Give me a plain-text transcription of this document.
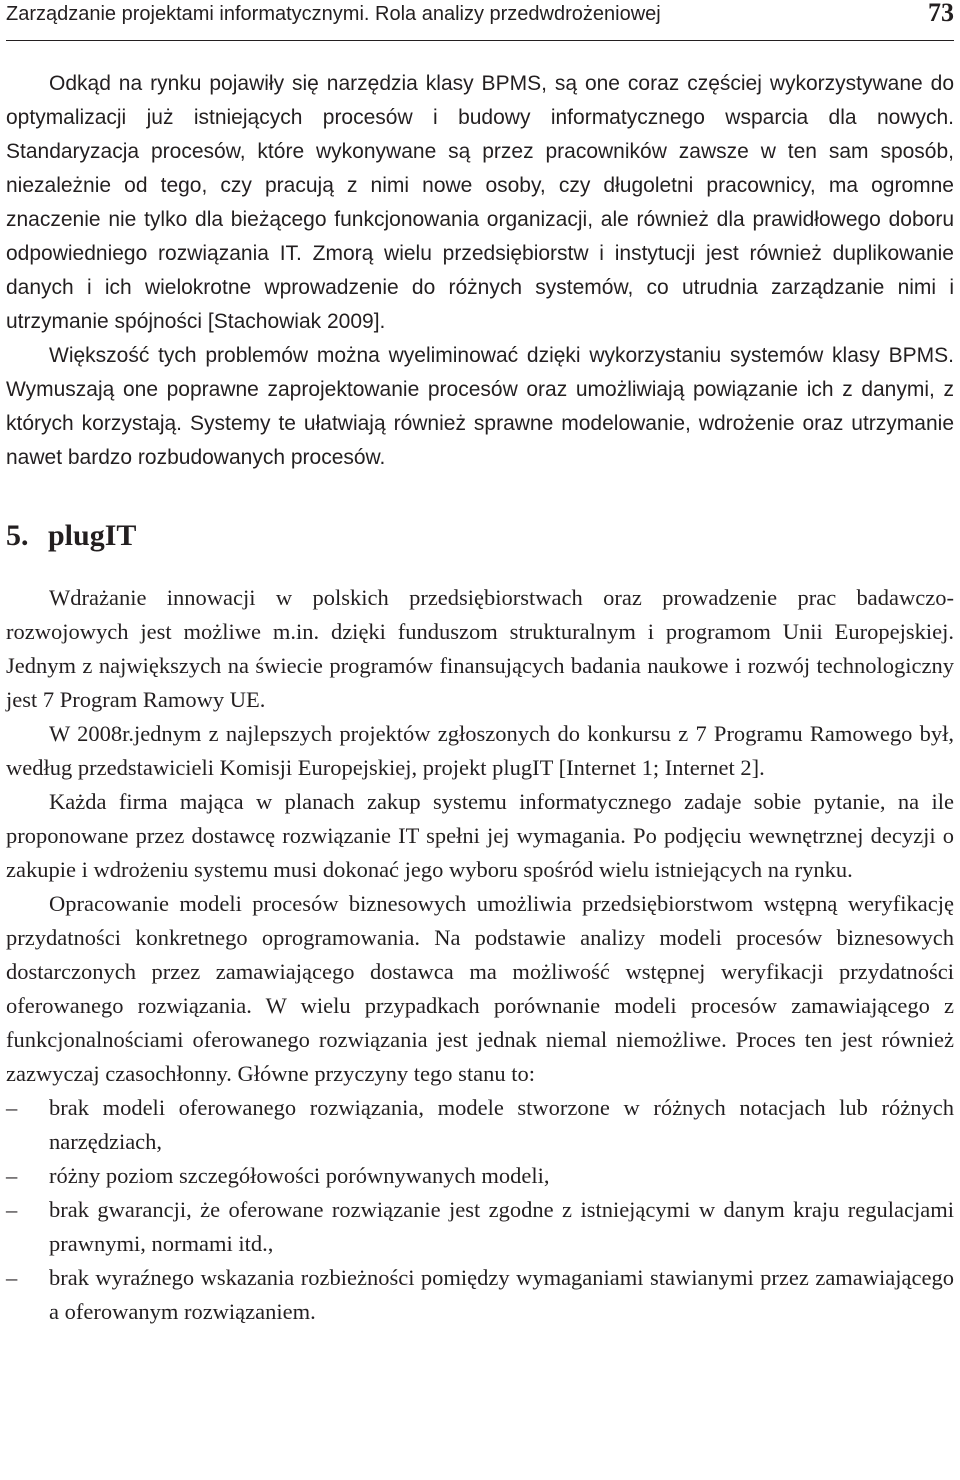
Zarządzanie projektami informatycznymi. Rola analizy przedwdrożeniowej	73

Odkąd na rynku pojawiły się narzędzia klasy BPMS, są one coraz częściej wykorzystywane do optymalizacji już istniejących procesów i budowy informatycznego wsparcia dla nowych. Standaryzacja procesów, które wykonywane są przez pracowników zawsze w ten sam sposób, niezależnie od tego, czy pracują z nimi nowe osoby, czy długoletni pracownicy, ma ogromne znaczenie nie tylko dla bieżącego funkcjonowania organizacji, ale również dla prawidłowego doboru odpowiedniego rozwiązania IT. Zmorą wielu przedsiębiorstw i instytucji jest również duplikowanie danych i ich wielokrotne wprowadzenie do różnych systemów, co utrudnia zarządzanie nimi i utrzymanie spójności [Stachowiak 2009].

Większość tych problemów można wyeliminować dzięki wykorzystaniu systemów klasy BPMS. Wymuszają one poprawne zaprojektowanie procesów oraz umożliwiają powiązanie ich z danymi, z których korzystają. Systemy te ułatwiają również sprawne modelowanie, wdrożenie oraz utrzymanie nawet bardzo rozbudowanych procesów.

5. plugIT

Wdrażanie innowacji w polskich przedsiębiorstwach oraz prowadzenie prac badawczo-rozwojowych jest możliwe m.in. dzięki funduszom strukturalnym i programom Unii Europejskiej. Jednym z największych na świecie programów finansujących badania naukowe i rozwój technologiczny jest 7 Program Ramowy UE.

W 2008r.jednym z najlepszych projektów zgłoszonych do konkursu z 7 Programu Ramowego był, według przedstawicieli Komisji Europejskiej, projekt plugIT [Internet 1; Internet 2].

Każda firma mająca w planach zakup systemu informatycznego zadaje sobie pytanie, na ile proponowane przez dostawcę rozwiązanie IT spełni jej wymagania. Po podjęciu wewnętrznej decyzji o zakupie i wdrożeniu systemu musi dokonać jego wyboru spośród wielu istniejących na rynku.

Opracowanie modeli procesów biznesowych umożliwia przedsiębiorstwom wstępną weryfikację przydatności konkretnego oprogramowania. Na podstawie analizy modeli procesów biznesowych dostarczonych przez zamawiającego dostawca ma możliwość wstępnej weryfikacji przydatności oferowanego rozwiązania. W wielu przypadkach porównanie modeli procesów zamawiającego z funkcjonalnościami oferowanego rozwiązania jest jednak niemal niemożliwe. Proces ten jest również zazwyczaj czasochłonny. Główne przyczyny tego stanu to:

– brak modeli oferowanego rozwiązania, modele stworzone w różnych notacjach lub różnych narzędziach,
– różny poziom szczegółowości porównywanych modeli,
– brak gwarancji, że oferowane rozwiązanie jest zgodne z istniejącymi w danym kraju regulacjami prawnymi, normami itd.,
– brak wyraźnego wskazania rozbieżności pomiędzy wymaganiami stawianymi przez zamawiającego a oferowanym rozwiązaniem.
